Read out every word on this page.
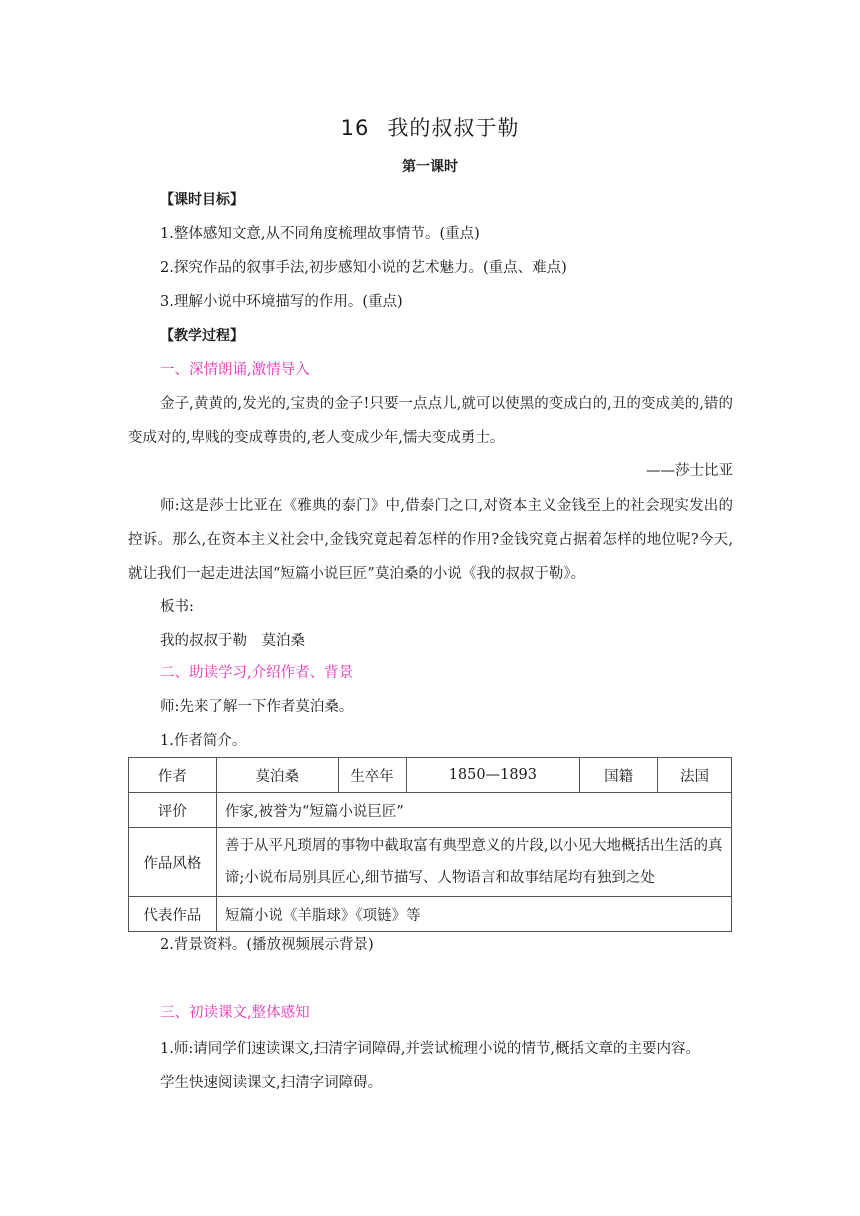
16 我的叔叔于勒
第一课时
【课时目标】
1.整体感知文意,从不同角度梳理故事情节。(重点)
2.探究作品的叙事手法,初步感知小说的艺术魅力。(重点、难点)
3.理解小说中环境描写的作用。(重点)
【教学过程】
一、深情朗诵,激情导入
金子,黄黄的,发光的,宝贵的金子!只要一点点儿,就可以使黑的变成白的,丑的变成美的,错的变成对的,卑贱的变成尊贵的,老人变成少年,懦夫变成勇士。
——莎士比亚
师:这是莎士比亚在《雅典的泰门》中,借泰门之口,对资本主义金钱至上的社会现实发出的控诉。那么,在资本主义社会中,金钱究竟起着怎样的作用?金钱究竟占据着怎样的地位呢?今天,就让我们一起走进法国“短篇小说巨匠”莫泊桑的小说《我的叔叔于勒》。
板书:
我的叔叔于勒　莫泊桑
二、助读学习,介绍作者、背景
师:先来了解一下作者莫泊桑。
1.作者简介。
作者	莫泊桑	生卒年	1850—1893	国籍	法国
评价	作家,被誉为“短篇小说巨匠”				
作品风格	善于从平凡琐屑的事物中截取富有典型意义的片段,以小见大地概括出生活的真谛;小说布局别具匠心,细节描写、人物语言和故事结尾均有独到之处				
代表作品	短篇小说《羊脂球》《项链》等				
2.背景资料。(播放视频展示背景)
三、初读课文,整体感知
1.师:请同学们速读课文,扫清字词障碍,并尝试梳理小说的情节,概括文章的主要内容。
学生快速阅读课文,扫清字词障碍。
